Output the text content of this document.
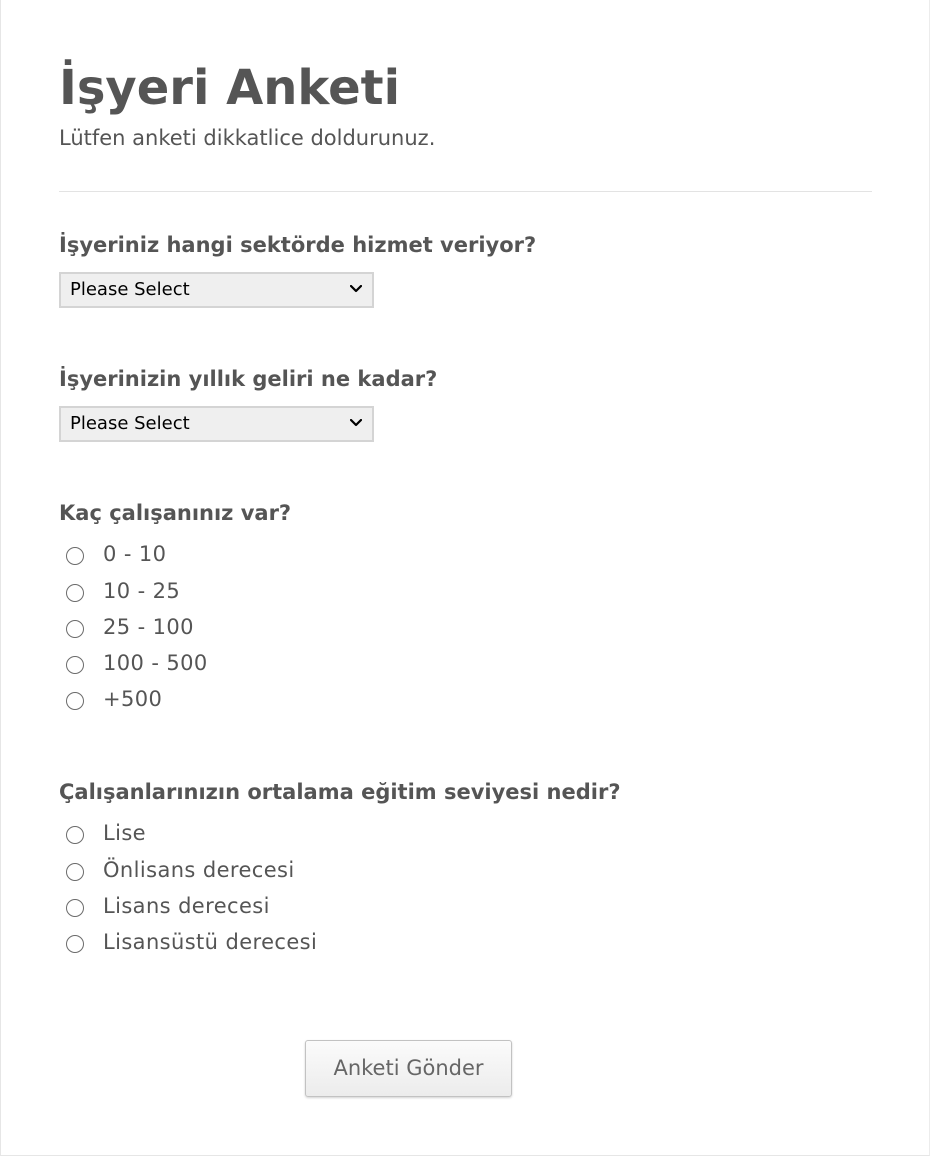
İşyeri Anketi
Lütfen anketi dikkatlice doldurunuz.
İşyeriniz hangi sektörde hizmet veriyor?
Please Select
İşyerinizin yıllık geliri ne kadar?
Please Select
Kaç çalışanınız var?
0 - 10
10 - 25
25 - 100
100 - 500
+500
Çalışanlarınızın ortalama eğitim seviyesi nedir?
Lise
Önlisans derecesi
Lisans derecesi
Lisansüstü derecesi
Anketi Gönder
